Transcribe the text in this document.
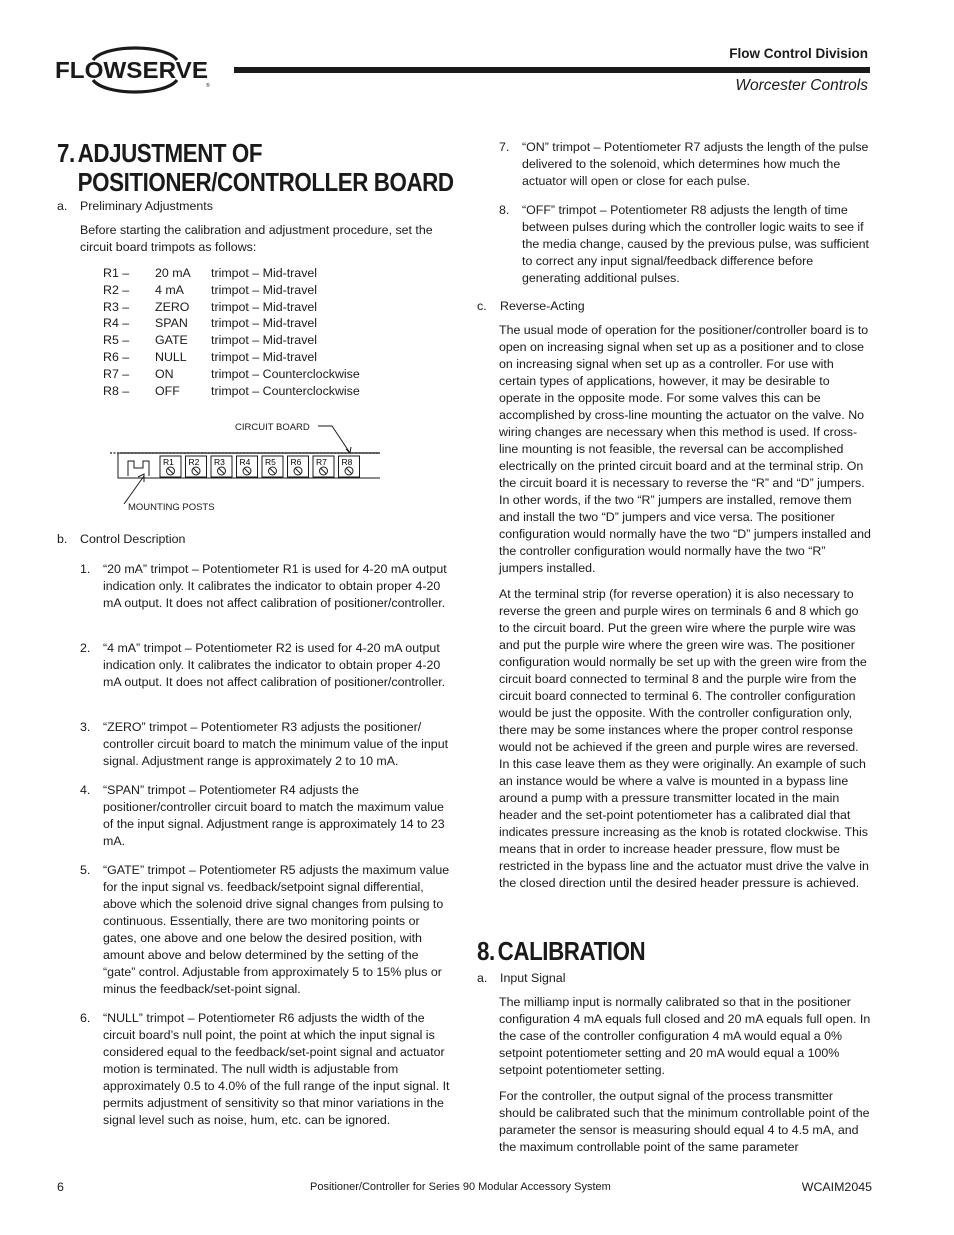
FLOWSERVE
®
Flow Control Division
Worcester Controls
7. ADJUSTMENT OF
POSITIONER/CONTROLLER BOARD
a. Preliminary Adjustments
Before starting the calibration and adjustment procedure, set the circuit board trimpots as follows:
R1 – 20 mA trimpot – Mid-travel
R2 – 4 mA trimpot – Mid-travel
R3 – ZERO trimpot – Mid-travel
R4 – SPAN trimpot – Mid-travel
R5 – GATE trimpot – Mid-travel
R6 – NULL trimpot – Mid-travel
R7 – ON	trimpot – Counterclockwise
R8 – OFF	trimpot – Counterclockwise
CIRCUIT BOARD
R1 R2 R3 R4 R5 R6 R7 R8
MOUNTING POSTS
b. Control Description
1. “20 mA” trimpot – Potentiometer R1 is used for 4-20 mA output indication only. It calibrates the indicator to obtain proper 4-20 mA output. It does not affect calibration of positioner/controller.
2. “4 mA” trimpot – Potentiometer R2 is used for 4-20 mA output indication only. It calibrates the indicator to obtain proper 4-20 mA output. It does not affect calibration of positioner/controller.
3. “ZERO” trimpot – Potentiometer R3 adjusts the positioner/ controller circuit board to match the minimum value of the input signal. Adjustment range is approximately 2 to 10 mA.
4. “SPAN” trimpot – Potentiometer R4 adjusts the positioner/controller circuit board to match the maximum value of the input signal. Adjustment range is approximately 14 to 23 mA.
5. “GATE” trimpot – Potentiometer R5 adjusts the maximum value for the input signal vs. feedback/setpoint signal differential, above which the solenoid drive signal changes from pulsing to continuous. Essentially, there are two monitoring points or gates, one above and one below the desired position, with amount above and below determined by the setting of the “gate” control. Adjustable from approximately 5 to 15% plus or minus the feedback/set-point signal.
6. “NULL” trimpot – Potentiometer R6 adjusts the width of the circuit board’s null point, the point at which the input signal is considered equal to the feedback/set-point signal and actuator motion is terminated. The null width is adjustable from approximately 0.5 to 4.0% of the full range of the input signal. It permits adjustment of sensitivity so that minor variations in the signal level such as noise, hum, etc. can be ignored.
7. “ON” trimpot – Potentiometer R7 adjusts the length of the pulse delivered to the solenoid, which determines how much the actuator will open or close for each pulse.
8. “OFF” trimpot – Potentiometer R8 adjusts the length of time between pulses during which the controller logic waits to see if the media change, caused by the previous pulse, was sufficient to correct any input signal/feedback difference before generating additional pulses.
c. Reverse-Acting
The usual mode of operation for the positioner/controller board is to open on increasing signal when set up as a positioner and to close on increasing signal when set up as a controller. For use with certain types of applications, however, it may be desirable to operate in the opposite mode. For some valves this can be accomplished by cross-line mounting the actuator on the valve. No wiring changes are necessary when this method is used. If cross-line mounting is not feasible, the reversal can be accomplished electrically on the printed circuit board and at the terminal strip. On the circuit board it is necessary to reverse the “R” and “D” jumpers. In other words, if the two “R” jumpers are installed, remove them and install the two “D” jumpers and vice versa. The positioner configuration would normally have the two “D” jumpers installed and the controller configuration would normally have the two “R” jumpers installed.
At the terminal strip (for reverse operation) it is also necessary to reverse the green and purple wires on terminals 6 and 8 which go to the circuit board. Put the green wire where the purple wire was and put the purple wire where the green wire was. The positioner configuration would normally be set up with the green wire from the circuit board connected to terminal 8 and the purple wire from the circuit board connected to terminal 6. The controller configuration would be just the opposite. With the controller configuration only, there may be some instances where the proper control response would not be achieved if the green and purple wires are reversed. In this case leave them as they were originally. An example of such an instance would be where a valve is mounted in a bypass line around a pump with a pressure transmitter located in the main header and the set-point potentiometer has a calibrated dial that indicates pressure increasing as the knob is rotated clockwise. This means that in order to increase header pressure, flow must be restricted in the bypass line and the actuator must drive the valve in the closed direction until the desired header pressure is achieved.
8. CALIBRATION
a. Input Signal
The milliamp input is normally calibrated so that in the positioner configuration 4 mA equals full closed and 20 mA equals full open. In the case of the controller configuration 4 mA would equal a 0% setpoint potentiometer setting and 20 mA would equal a 100% setpoint potentiometer setting.
For the controller, the output signal of the process transmitter should be calibrated such that the minimum controllable point of the parameter the sensor is measuring should equal 4 to 4.5 mA, and the maximum controllable point of the same parameter
6	Positioner/Controller for Series 90 Modular Accessory System	WCAIM2045
